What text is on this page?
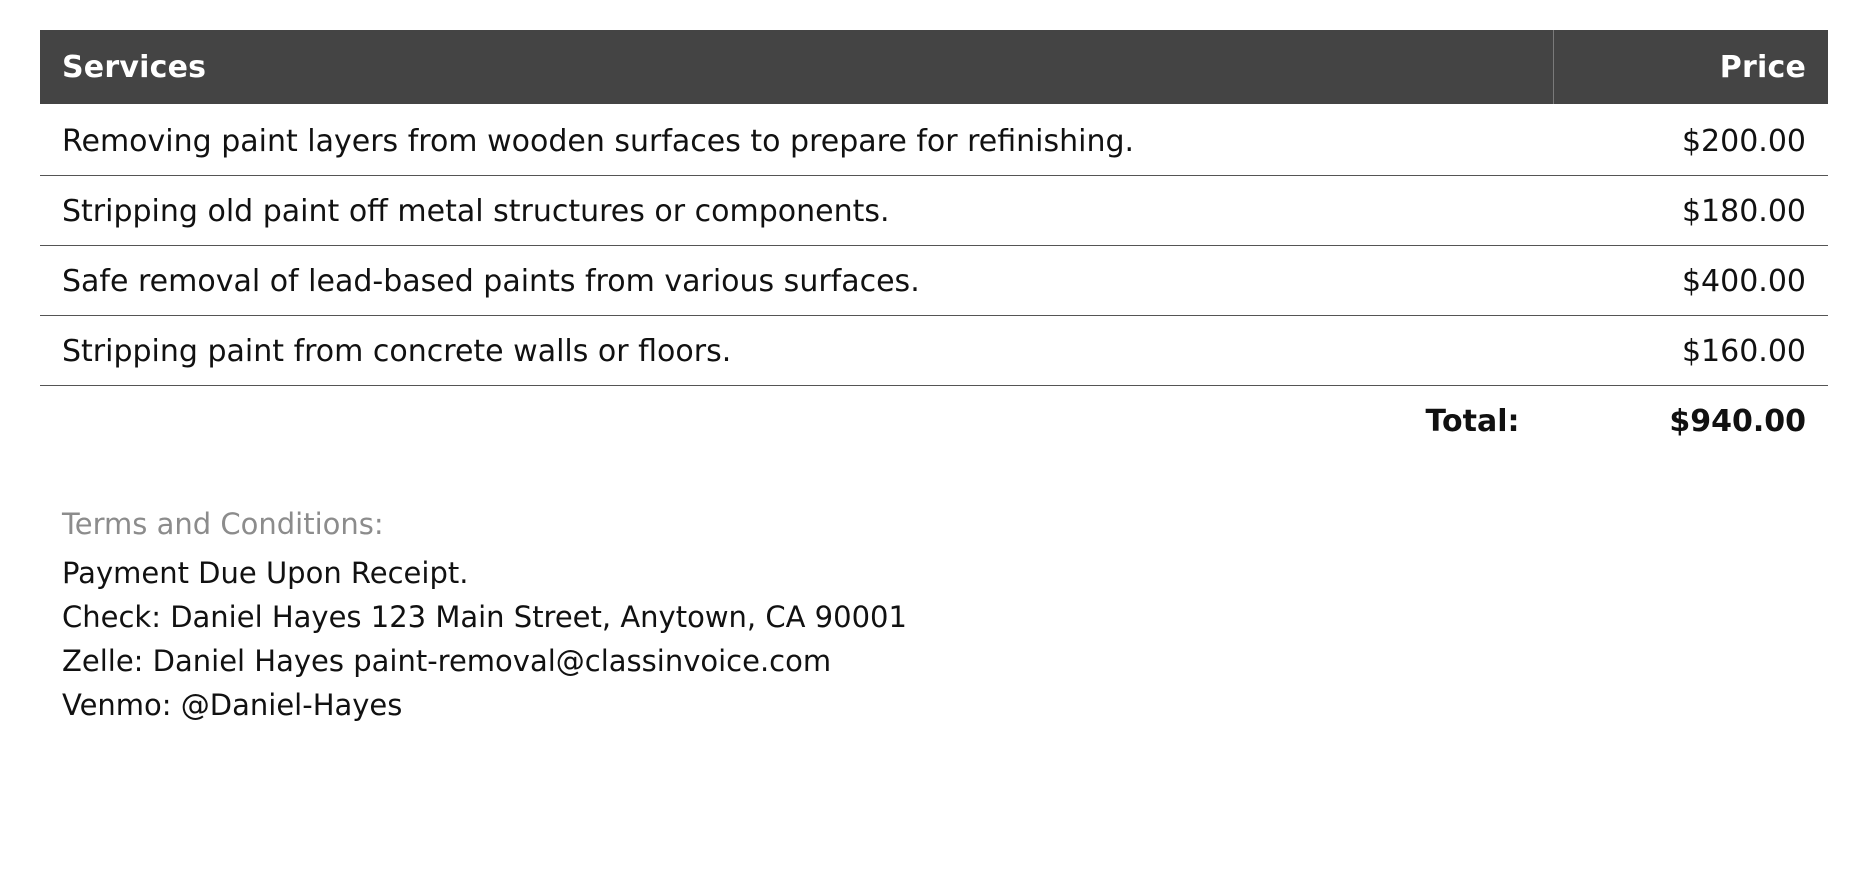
Services	Price
Removing paint layers from wooden surfaces to prepare for refinishing.	$200.00
Stripping old paint off metal structures or components.	$180.00
Safe removal of lead-based paints from various surfaces.	$400.00
Stripping paint from concrete walls or floors.	$160.00
Total:	$940.00
Terms and Conditions:
Payment Due Upon Receipt.
Check: Daniel Hayes 123 Main Street, Anytown, CA 90001
Zelle: Daniel Hayes paint-removal@classinvoice.com
Venmo: @Daniel-Hayes
